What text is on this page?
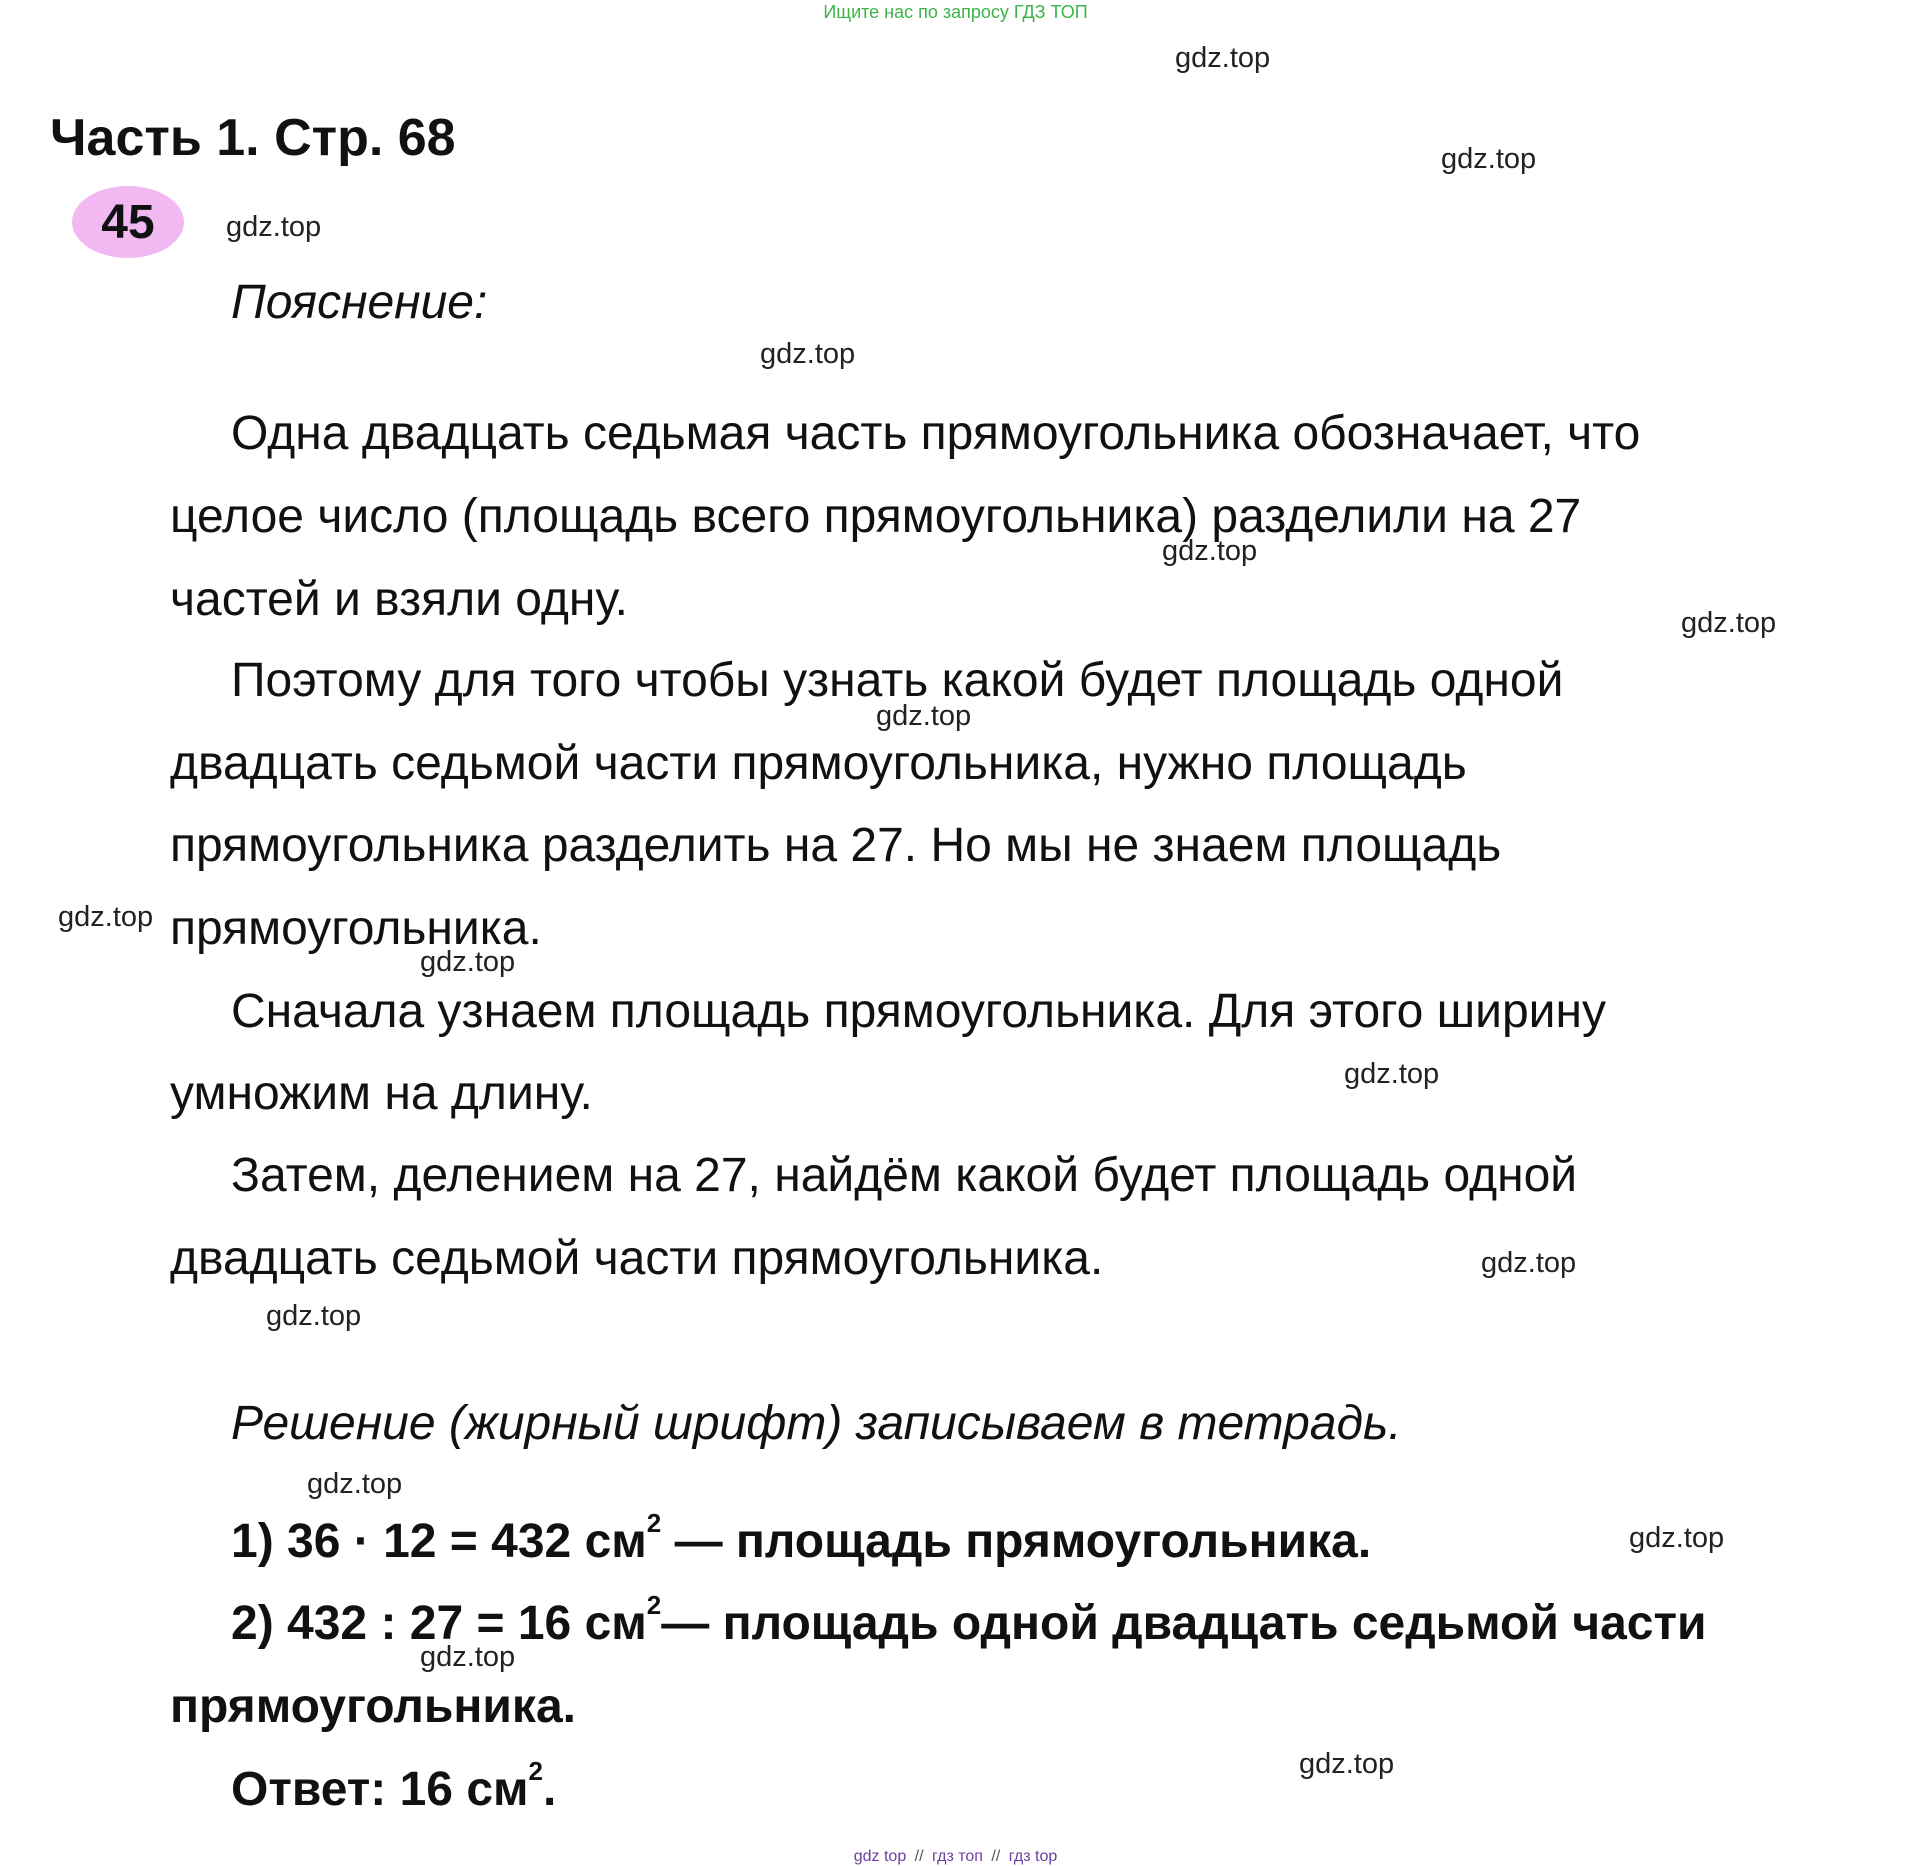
Ищите нас по запросу ГДЗ ТОП
Часть 1. Стр. 68
45
Пояснение:
Одна двадцать седьмая часть прямоугольника обозначает, что
целое число (площадь всего прямоугольника) разделили на 27
частей и взяли одну.
Поэтому для того чтобы узнать какой будет площадь одной
двадцать седьмой части прямоугольника, нужно площадь
прямоугольника разделить на 27. Но мы не знаем площадь
прямоугольника.
Сначала узнаем площадь прямоугольника. Для этого ширину
умножим на длину.
Затем, делением на 27, найдём какой будет площадь одной
двадцать седьмой части прямоугольника.
Решение (жирный шрифт) записываем в тетрадь.
1) 36 · 12 = 432 $см^2$ — площадь прямоугольника.
2) 432 : 27 = 16 $см^2—$ площадь одной двадцать седьмой части
прямоугольника.
Ответ: 16 $см^2$.
gdz.top
gdz.top
gdz.top
gdz.top
gdz.top
gdz.top
gdz.top
gdz.top
gdz.top
gdz.top
gdz.top
gdz.top
gdz.top
gdz.top
gdz.top
gdz.top
gdz top // гдз топ // гдз top
